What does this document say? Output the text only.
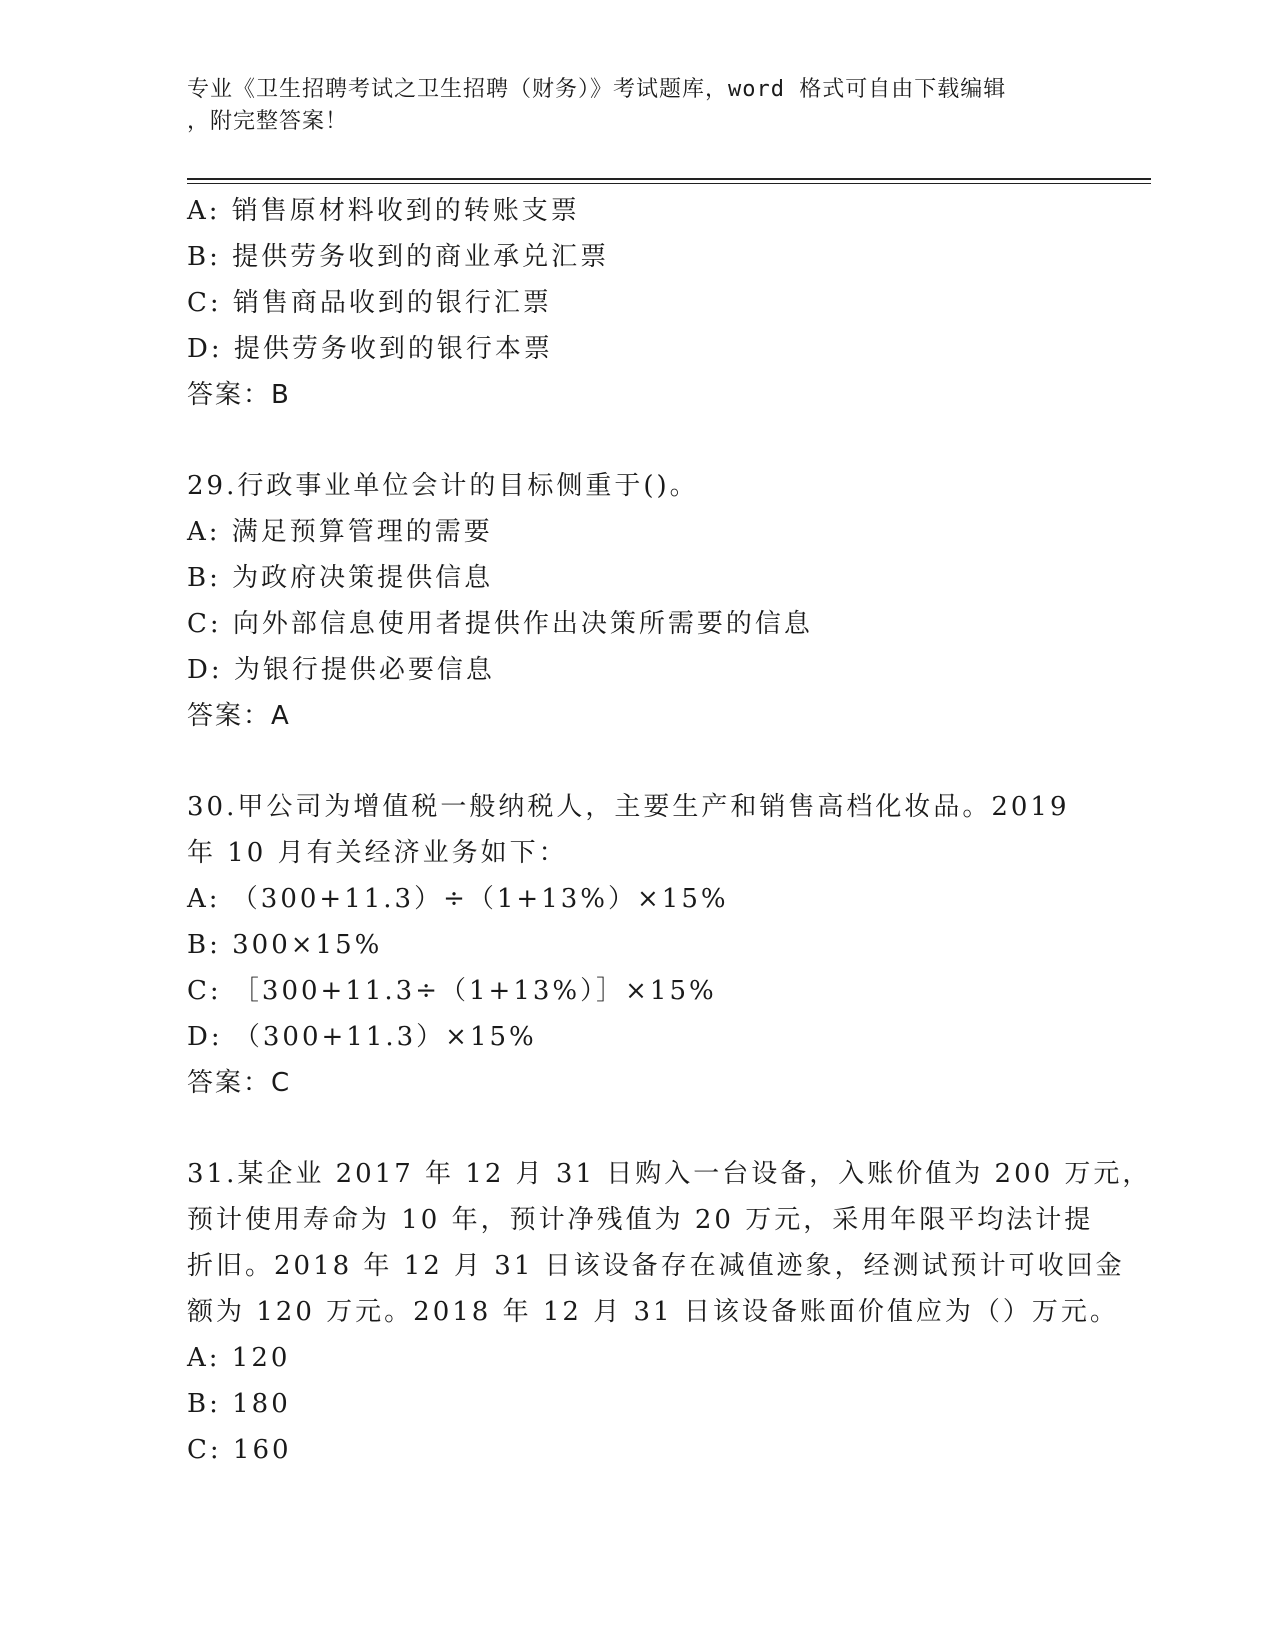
专业《卫生招聘考试之卫生招聘（财务）》考试题库，word 格式可自由下载编辑
，附完整答案！
A: 销售原材料收到的转账支票
B: 提供劳务收到的商业承兑汇票
C: 销售商品收到的银行汇票
D: 提供劳务收到的银行本票
答案：B
29.行政事业单位会计的目标侧重于()。
A: 满足预算管理的需要
B: 为政府决策提供信息
C: 向外部信息使用者提供作出决策所需要的信息
D: 为银行提供必要信息
答案：A
30.甲公司为增值税一般纳税人，主要生产和销售高档化妆品。2019
年 10 月有关经济业务如下：
A: （300+11.3）÷（1+13%）×15%
B: 300×15%
C: ［300+11.3÷（1+13%）］×15%
D: （300+11.3）×15%
答案：C
31.某企业 2017 年 12 月 31 日购入一台设备，入账价值为 200 万元，
预计使用寿命为 10 年，预计净残值为 20 万元，采用年限平均法计提
折旧。2018 年 12 月 31 日该设备存在减值迹象，经测试预计可收回金
额为 120 万元。2018 年 12 月 31 日该设备账面价值应为（）万元。
A: 120
B: 180
C: 160
